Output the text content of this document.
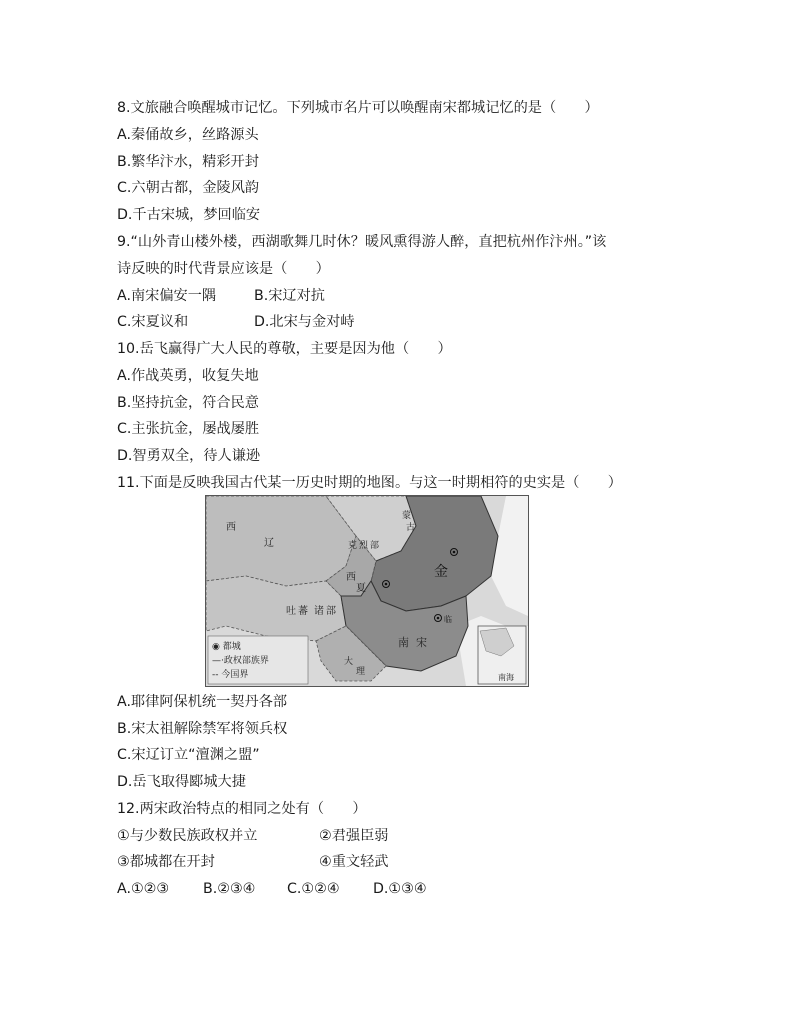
8.文旅融合唤醒城市记忆。下列城市名片可以唤醒南宋都城记忆的是（　　）
A.秦俑故乡，丝路源头
B.繁华汴水，精彩开封
C.六朝古都，金陵风韵
D.千古宋城，梦回临安
9.“山外青山楼外楼，西湖歌舞几时休？暖风熏得游人醉，直把杭州作汴州。”该
诗反映的时代背景应该是（　　）
A.南宋偏安一隅	B.宋辽对抗
C.宋夏议和	D.北宋与金对峙
10.岳飞赢得广大人民的尊敬，主要是因为他（　　）
A.作战英勇，收复失地
B.坚持抗金，符合民意
C.主张抗金，屡战屡胜
D.智勇双全，待人谦逊
11.下面是反映我国古代某一历史时期的地图。与这一时期相符的史实是（　　）
西
辽
西
夏
吐 蕃 诸 部
克 烈 部
蒙
古
金
南 宋
大
理
临
◉ 都城
—·政权部族界
-- 今国界	南海
A.耶律阿保机统一契丹各部
B.宋太祖解除禁军将领兵权
C.宋辽订立“澶渊之盟”
D.岳飞取得郾城大捷
12.两宋政治特点的相同之处有（　　）
①与少数民族政权并立	②君强臣弱
③都城都在开封	④重文轻武
A.①②③ B.②③④ C.①②④ D.①③④
